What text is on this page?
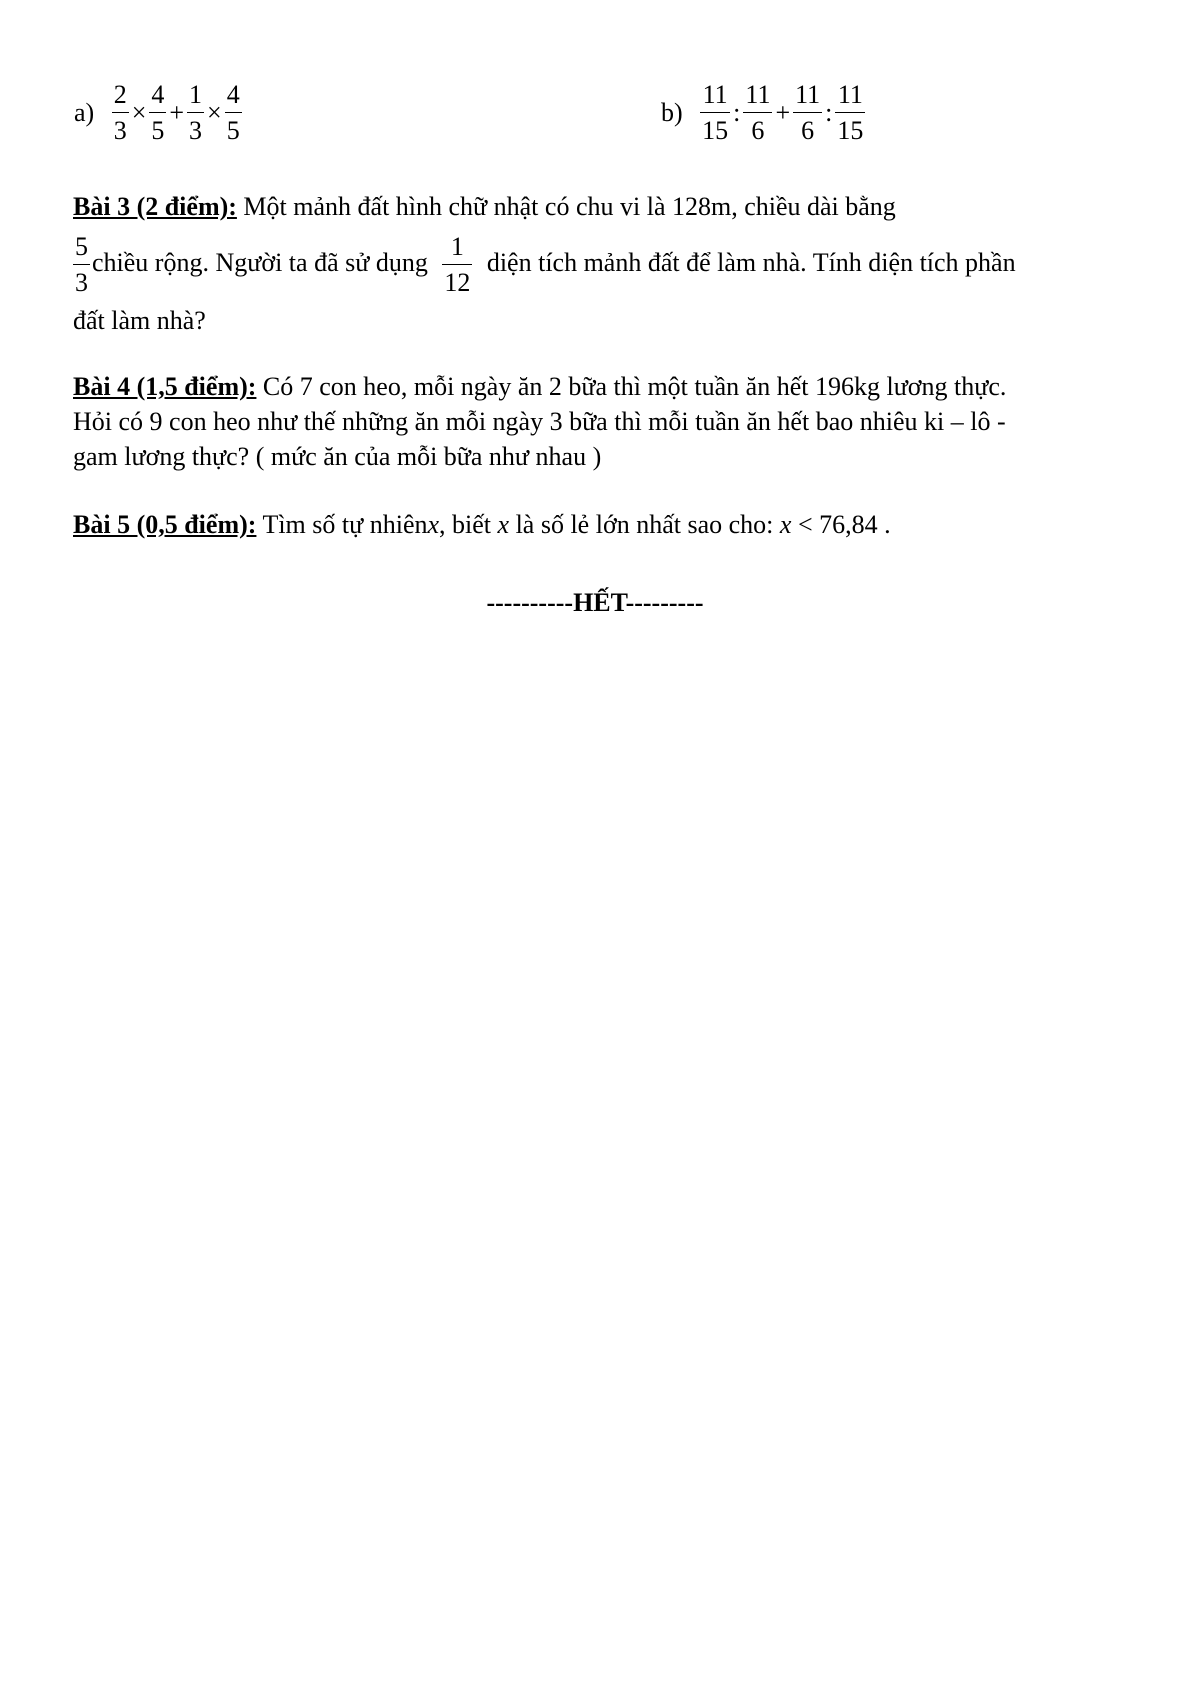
$a) \frac{2}{3} \times \frac{4}{5} + \frac{1}{3} \times \frac{4}{5}$	$b) \frac{11}{15}$ : $\frac{11}{6} + \frac{11}{6}$ : $\frac{11}{15}$
Bài 3 (2 điểm): Một mảnh đất hình chữ nhật có chu vi là 128m, chiều dài bằng
$\frac{5}{3}$ chiều rộng. Người ta đã sử dụng $\frac{1}{12}$ diện tích mảnh đất để làm nhà. Tính diện tích phần
đất làm nhà?
Bài 4 (1,5 điểm): Có 7 con heo, mỗi ngày ăn 2 bữa thì một tuần ăn hết 196kg lương thực.
Hỏi có 9 con heo như thế những ăn mỗi ngày 3 bữa thì mỗi tuần ăn hết bao nhiêu ki – lô -
gam lương thực? ( mức ăn của mỗi bữa như nhau )
Bài 5 (0,5 điểm): Tìm số tự nhiênx, biết x là số lẻ lớn nhất sao cho: x < 76,84 .
----------HẾT---------
